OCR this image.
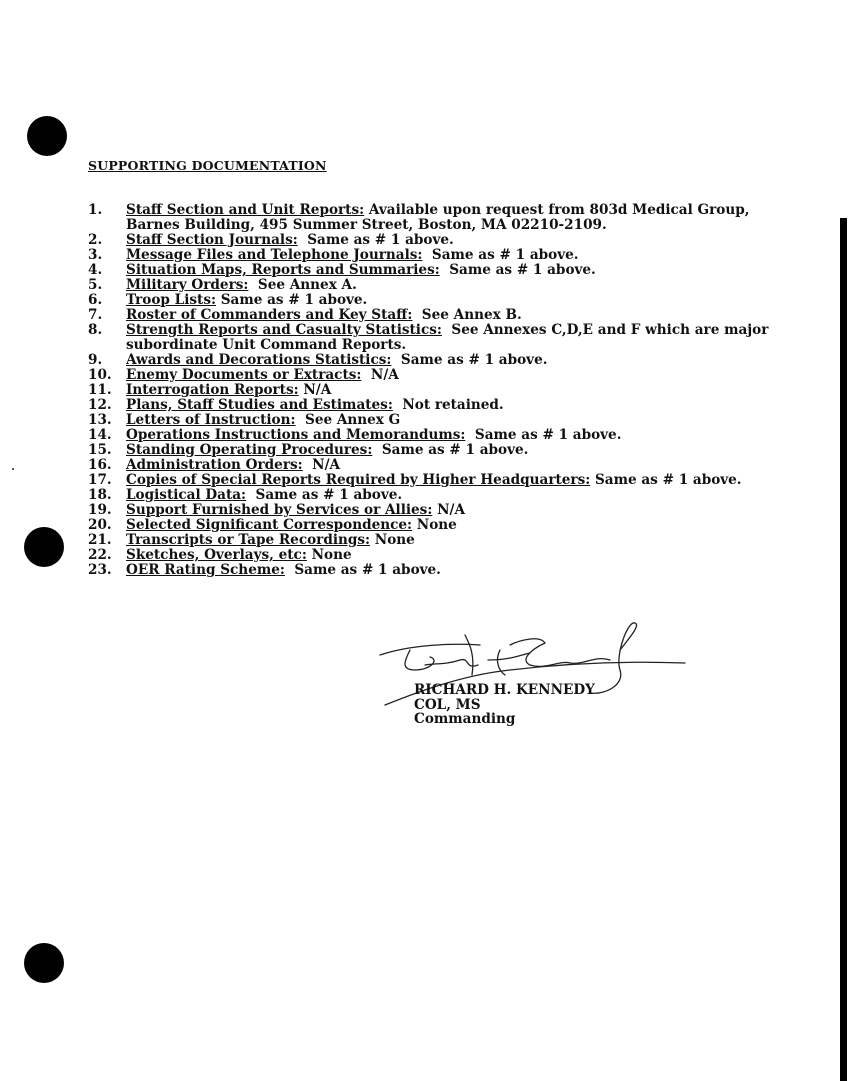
SUPPORTING DOCUMENTATION
1.	Staff Section and Unit Reports: Available upon request from 803d Medical Group, Barnes Building, 495 Summer Street, Boston, MA 02210-2109.
2.	Staff Section Journals:  Same as # 1 above.
3.	Message Files and Telephone Journals:  Same as # 1 above.
4.	Situation Maps, Reports and Summaries:  Same as # 1 above.
5.	Military Orders:  See Annex A.
6.	Troop Lists: Same as # 1 above.
7.	Roster of Commanders and Key Staff:  See Annex B.
8.	Strength Reports and Casualty Statistics:  See Annexes C,D,E and F which are major subordinate Unit Command Reports.
9.	Awards and Decorations Statistics:  Same as # 1 above.
10.	Enemy Documents or Extracts:  N/A
11.	Interrogation Reports: N/A
12.	Plans, Staff Studies and Estimates:  Not retained.
13.	Letters of Instruction:  See Annex G
14.	Operations Instructions and Memorandums:  Same as # 1 above.
15.	Standing Operating Procedures:  Same as # 1 above.
16.	Administration Orders:  N/A
17.	Copies of Special Reports Required by Higher Headquarters: Same as # 1 above.
18.	Logistical Data:  Same as # 1 above.
19.	Support Furnished by Services or Allies: N/A
20.	Selected Significant Correspondence: None
21.	Transcripts or Tape Recordings: None
22.	Sketches, Overlays, etc: None
23.	OER Rating Scheme:  Same as # 1 above.
RICHARD H. KENNEDY
COL, MS
Commanding
